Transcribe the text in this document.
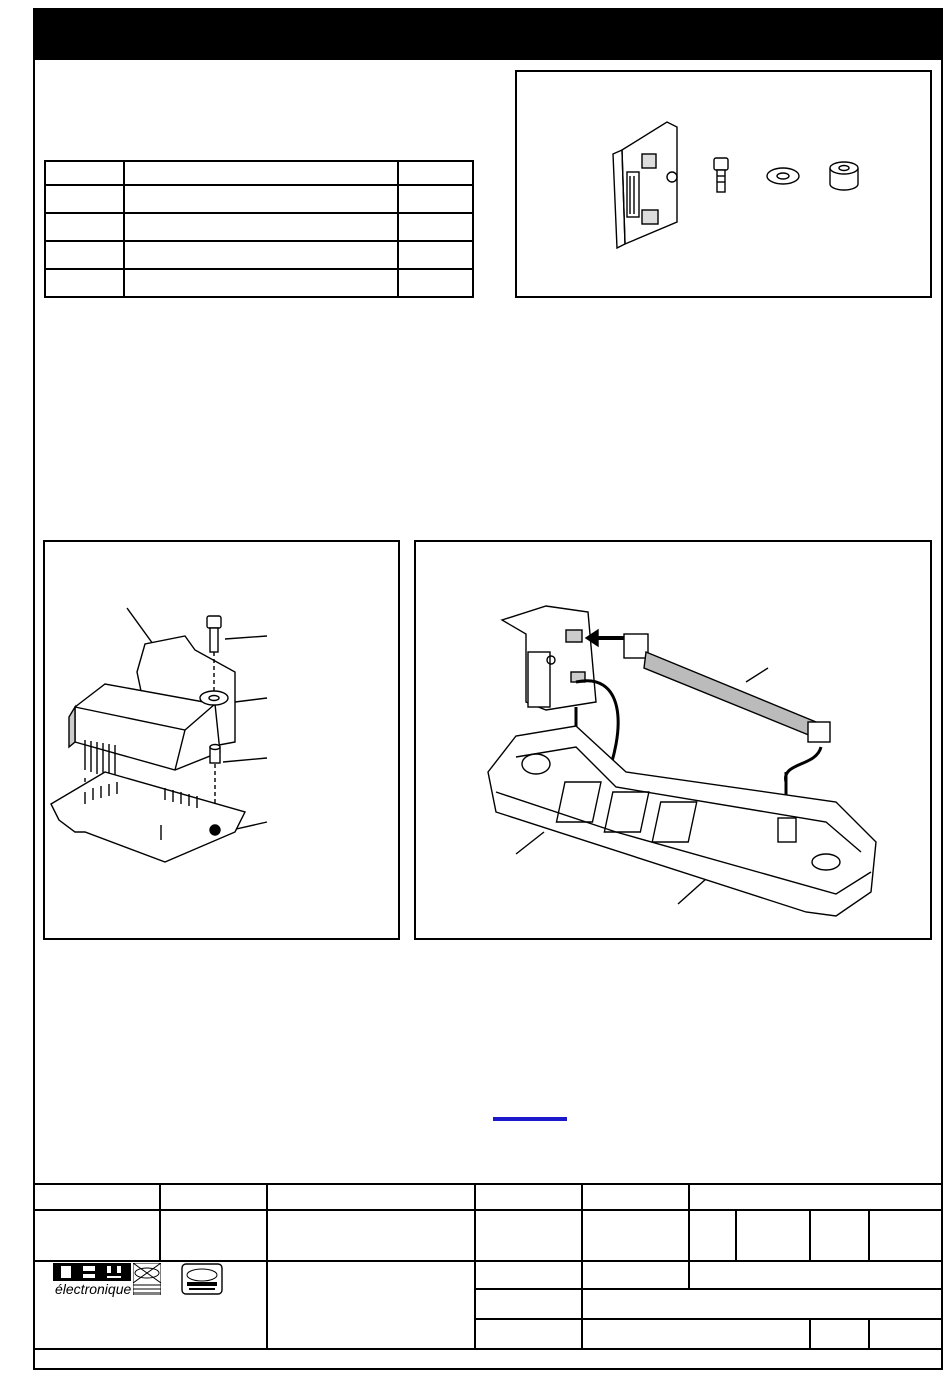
électronique
